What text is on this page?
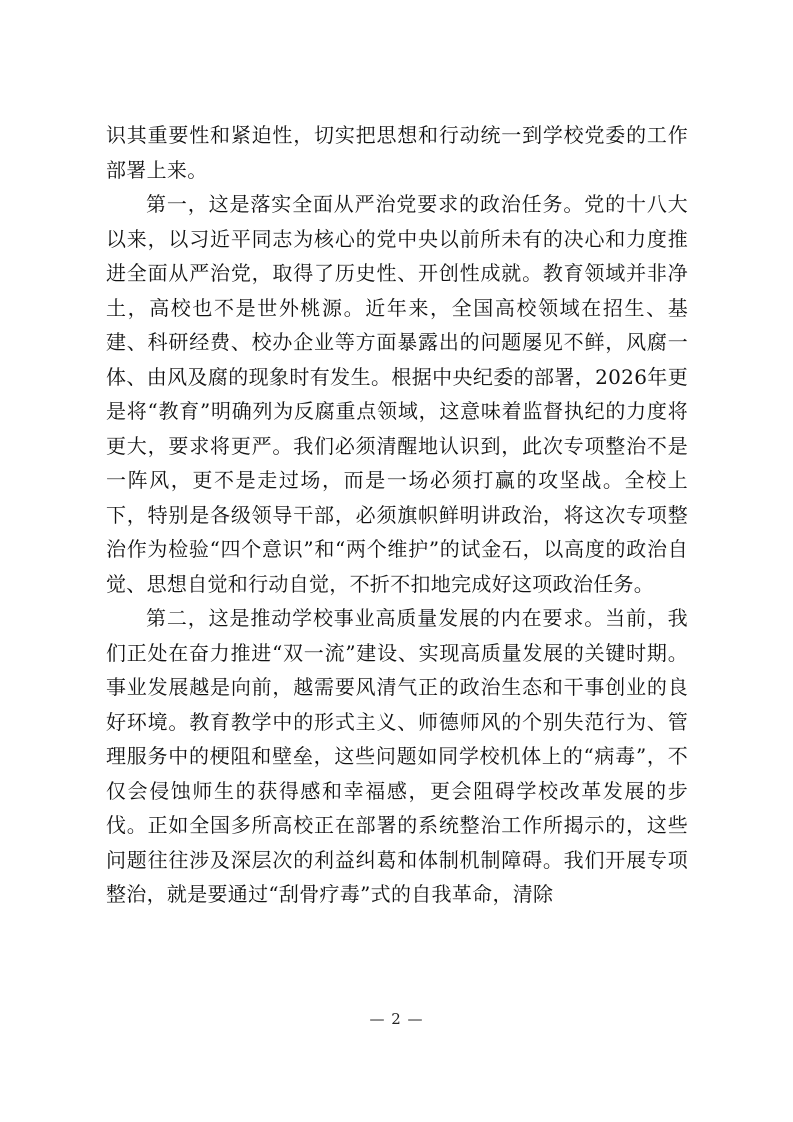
识其重要性和紧迫性，切实把思想和行动统一到学校党委的工作部署上来。

第一，这是落实全面从严治党要求的政治任务。党的十八大以来，以习近平同志为核心的党中央以前所未有的决心和力度推进全面从严治党，取得了历史性、开创性成就。教育领域并非净土，高校也不是世外桃源。近年来，全国高校领域在招生、基建、科研经费、校办企业等方面暴露出的问题屡见不鲜，风腐一体、由风及腐的现象时有发生。根据中央纪委的部署，2026年更是将“教育”明确列为反腐重点领域，这意味着监督执纪的力度将更大，要求将更严。我们必须清醒地认识到，此次专项整治不是一阵风，更不是走过场，而是一场必须打赢的攻坚战。全校上下，特别是各级领导干部，必须旗帜鲜明讲政治，将这次专项整治作为检验“四个意识”和“两个维护”的试金石，以高度的政治自觉、思想自觉和行动自觉，不折不扣地完成好这项政治任务。

第二，这是推动学校事业高质量发展的内在要求。当前，我们正处在奋力推进“双一流”建设、实现高质量发展的关键时期。事业发展越是向前，越需要风清气正的政治生态和干事创业的良好环境。教育教学中的形式主义、师德师风的个别失范行为、管理服务中的梗阻和壁垒，这些问题如同学校机体上的“病毒”，不仅会侵蚀师生的获得感和幸福感，更会阻碍学校改革发展的步伐。正如全国多所高校正在部署的系统整治工作所揭示的，这些问题往往涉及深层次的利益纠葛和体制机制障碍。我们开展专项整治，就是要通过“刮骨疗毒”式的自我革命，清除

— 2 —
